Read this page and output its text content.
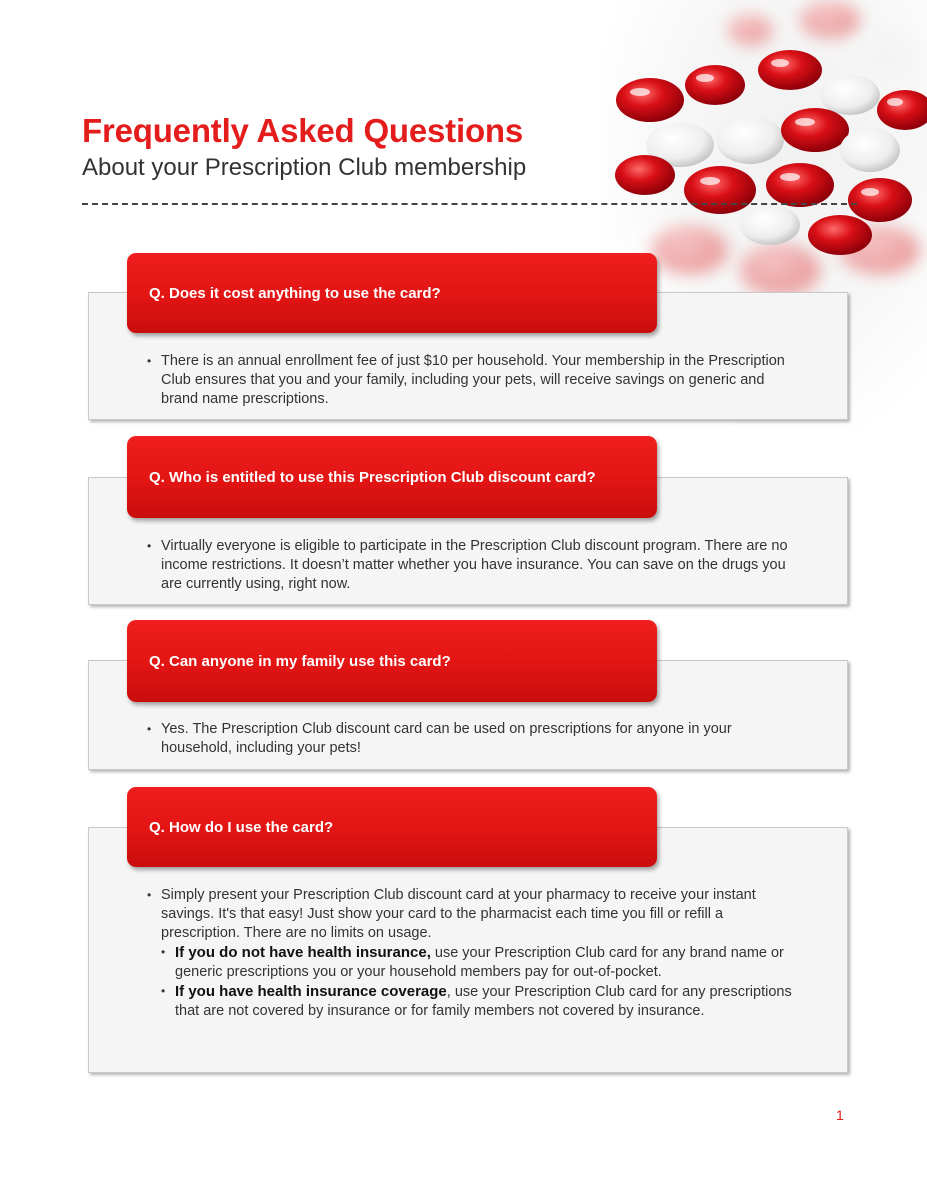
Frequently Asked Questions
About your Prescription Club membership
Q. Does it cost anything to use the card?
• There is an annual enrollment fee of just $10 per household. Your membership in the Prescription Club ensures that you and your family, including your pets, will receive savings on generic and brand name prescriptions.
Q. Who is entitled to use this Prescription Club discount card?
• Virtually everyone is eligible to participate in the Prescription Club discount program. There are no income restrictions. It doesn’t matter whether you have insurance. You can save on the drugs you are currently using, right now.
Q. Can anyone in my family use this card?
• Yes. The Prescription Club discount card can be used on prescriptions for anyone in your household, including your pets!
Q. How do I use the card?
• Simply present your Prescription Club discount card at your pharmacy to receive your instant savings. It's that easy! Just show your card to the pharmacist each time you fill or refill a prescription. There are no limits on usage.
• If you do not have health insurance, use your Prescription Club card for any brand name or generic prescriptions you or your household members pay for out-of-pocket.
• If you have health insurance coverage, use your Prescription Club card for any prescriptions that are not covered by insurance or for family members not covered by insurance.
1
